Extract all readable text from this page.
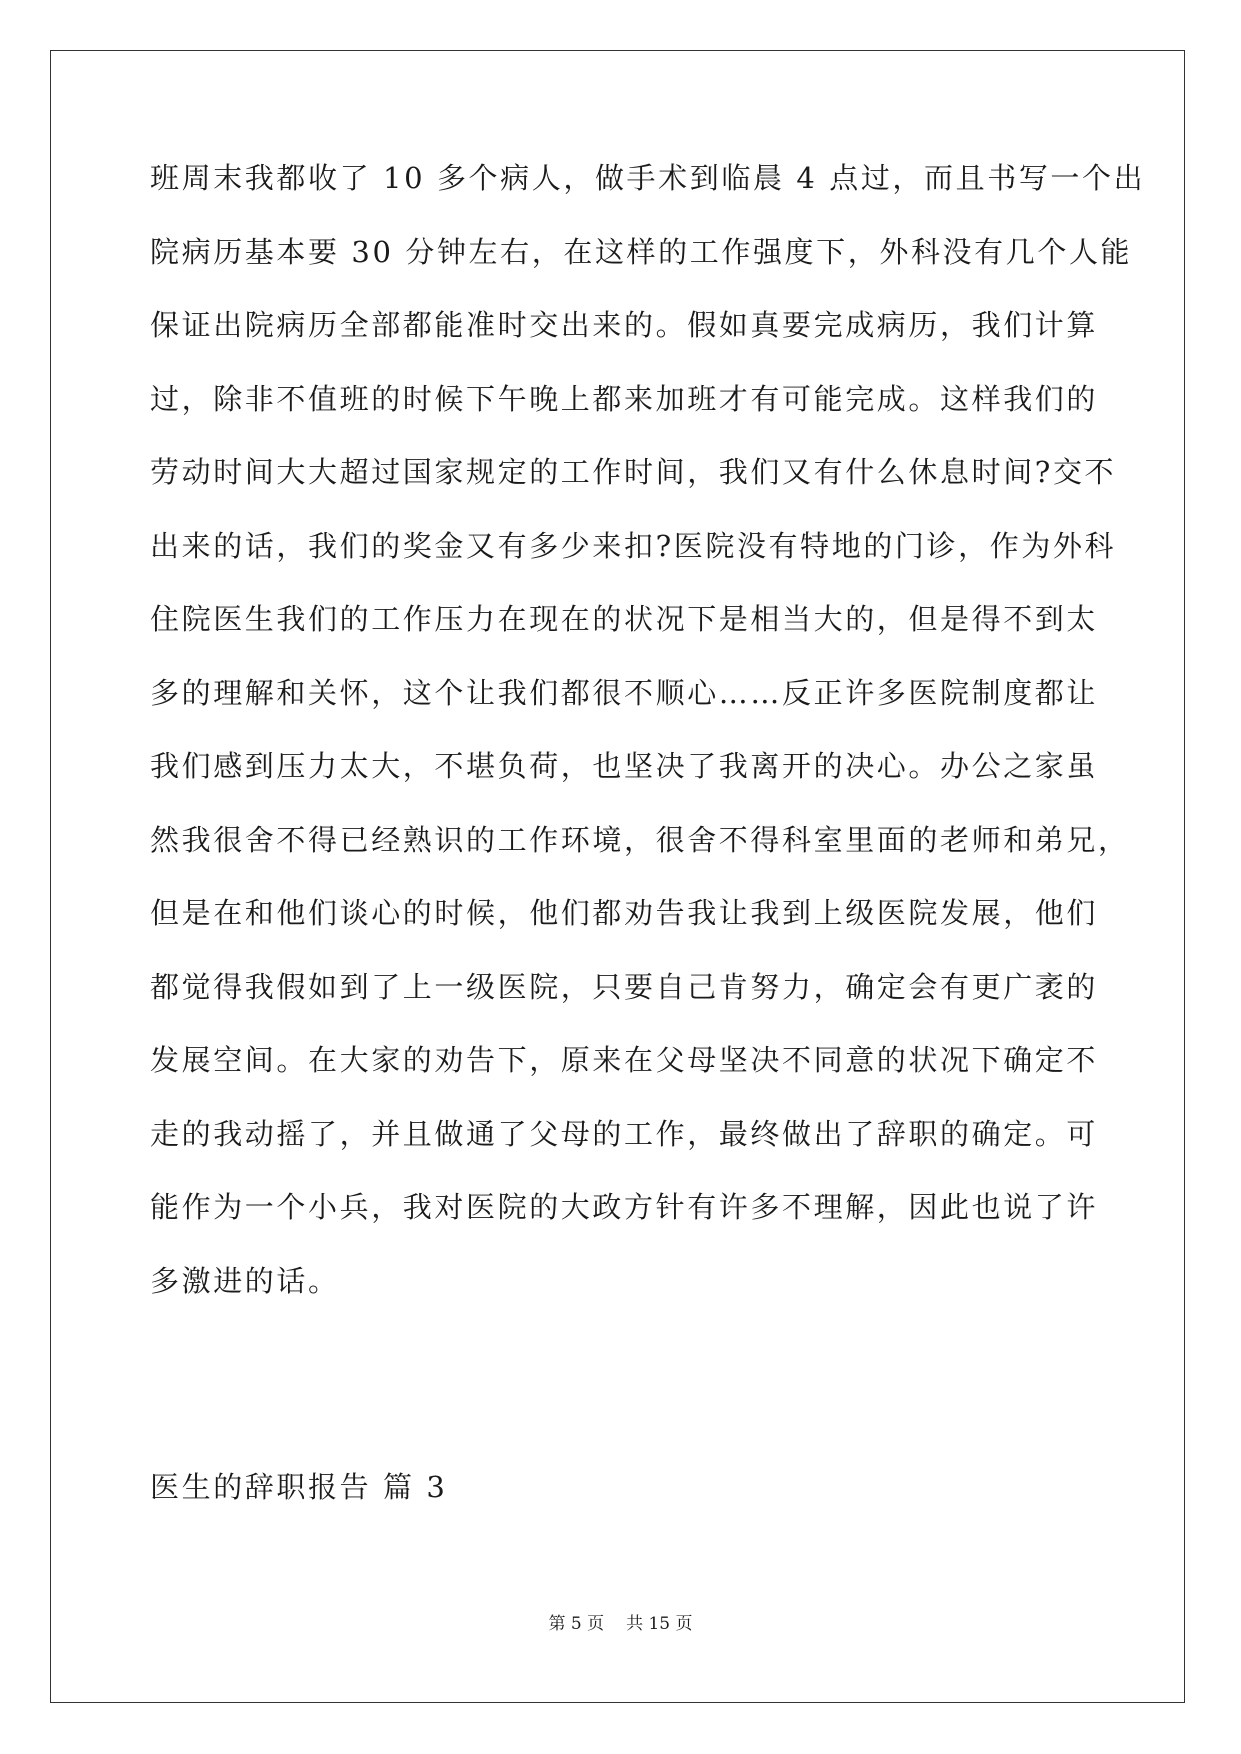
班周末我都收了 10 多个病人，做手术到临晨 4 点过，而且书写一个出
院病历基本要 30 分钟左右，在这样的工作强度下，外科没有几个人能
保证出院病历全部都能准时交出来的。假如真要完成病历，我们计算
过，除非不值班的时候下午晚上都来加班才有可能完成。这样我们的
劳动时间大大超过国家规定的工作时间，我们又有什么休息时间?交不
出来的话，我们的奖金又有多少来扣?医院没有特地的门诊，作为外科
住院医生我们的工作压力在现在的状况下是相当大的，但是得不到太
多的理解和关怀，这个让我们都很不顺心……反正许多医院制度都让
我们感到压力太大，不堪负荷，也坚决了我离开的决心。办公之家虽
然我很舍不得已经熟识的工作环境，很舍不得科室里面的老师和弟兄，
但是在和他们谈心的时候，他们都劝告我让我到上级医院发展，他们
都觉得我假如到了上一级医院，只要自己肯努力，确定会有更广袤的
发展空间。在大家的劝告下，原来在父母坚决不同意的状况下确定不
走的我动摇了，并且做通了父母的工作，最终做出了辞职的确定。可
能作为一个小兵，我对医院的大政方针有许多不理解，因此也说了许
多激进的话。
医生的辞职报告 篇 3
第 5 页 共 15 页
